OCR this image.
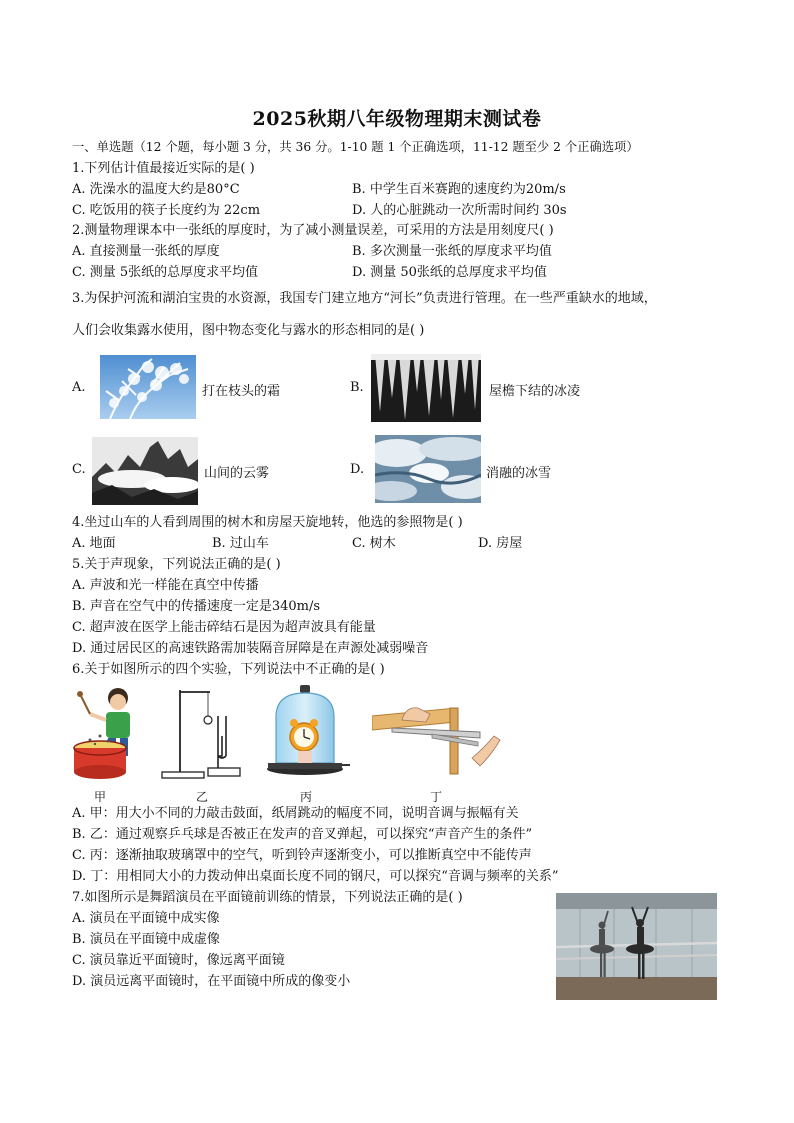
2025秋期八年级物理期末测试卷
一、单选题（12 个题，每小题 3 分，共 36 分。1-10 题 1 个正确选项，11-12 题至少 2 个正确选项）
1.下列估计值最接近实际的是( )
A. 洗澡水的温度大约是80°C	B. 中学生百米赛跑的速度约为20m/s
C. 吃饭用的筷子长度约为 22cm	D. 人的心脏跳动一次所需时间约 30s
2.测量物理课本中一张纸的厚度时，为了减小测量误差，可采用的方法是用刻度尺( )
A. 直接测量一张纸的厚度	B. 多次测量一张纸的厚度求平均值
C. 测量 5张纸的总厚度求平均值	D. 测量 50张纸的总厚度求平均值
3.为保护河流和湖泊宝贵的水资源，我国专门建立地方“河长”负责进行管理。在一些严重缺水的地域，
人们会收集露水使用，图中物态变化与露水的形态相同的是( )
A.	打在枝头的霜	B.	屋檐下结的冰凌
C.	山间的云雾	D.	消融的冰雪
4.坐过山车的人看到周围的树木和房屋天旋地转，他选的参照物是( )
A. 地面	B. 过山车	C. 树木	D. 房屋
5.关于声现象，下列说法正确的是( )
A. 声波和光一样能在真空中传播
B. 声音在空气中的传播速度一定是340m/s
C. 超声波在医学上能击碎结石是因为超声波具有能量
D. 通过居民区的高速铁路需加装隔音屏障是在声源处减弱噪音
6.关于如图所示的四个实验，下列说法中不正确的是( )
甲	乙	丙	丁
A. 甲：用大小不同的力敲击鼓面，纸屑跳动的幅度不同，说明音调与振幅有关
B. 乙：通过观察乒乓球是否被正在发声的音叉弹起，可以探究“声音产生的条件”
C. 丙：逐渐抽取玻璃罩中的空气，听到铃声逐渐变小，可以推断真空中不能传声
D. 丁：用相同大小的力拨动伸出桌面长度不同的钢尺，可以探究“音调与频率的关系”
7.如图所示是舞蹈演员在平面镜前训练的情景，下列说法正确的是( )
A. 演员在平面镜中成实像
B. 演员在平面镜中成虚像
C. 演员靠近平面镜时，像远离平面镜
D. 演员远离平面镜时，在平面镜中所成的像变小
